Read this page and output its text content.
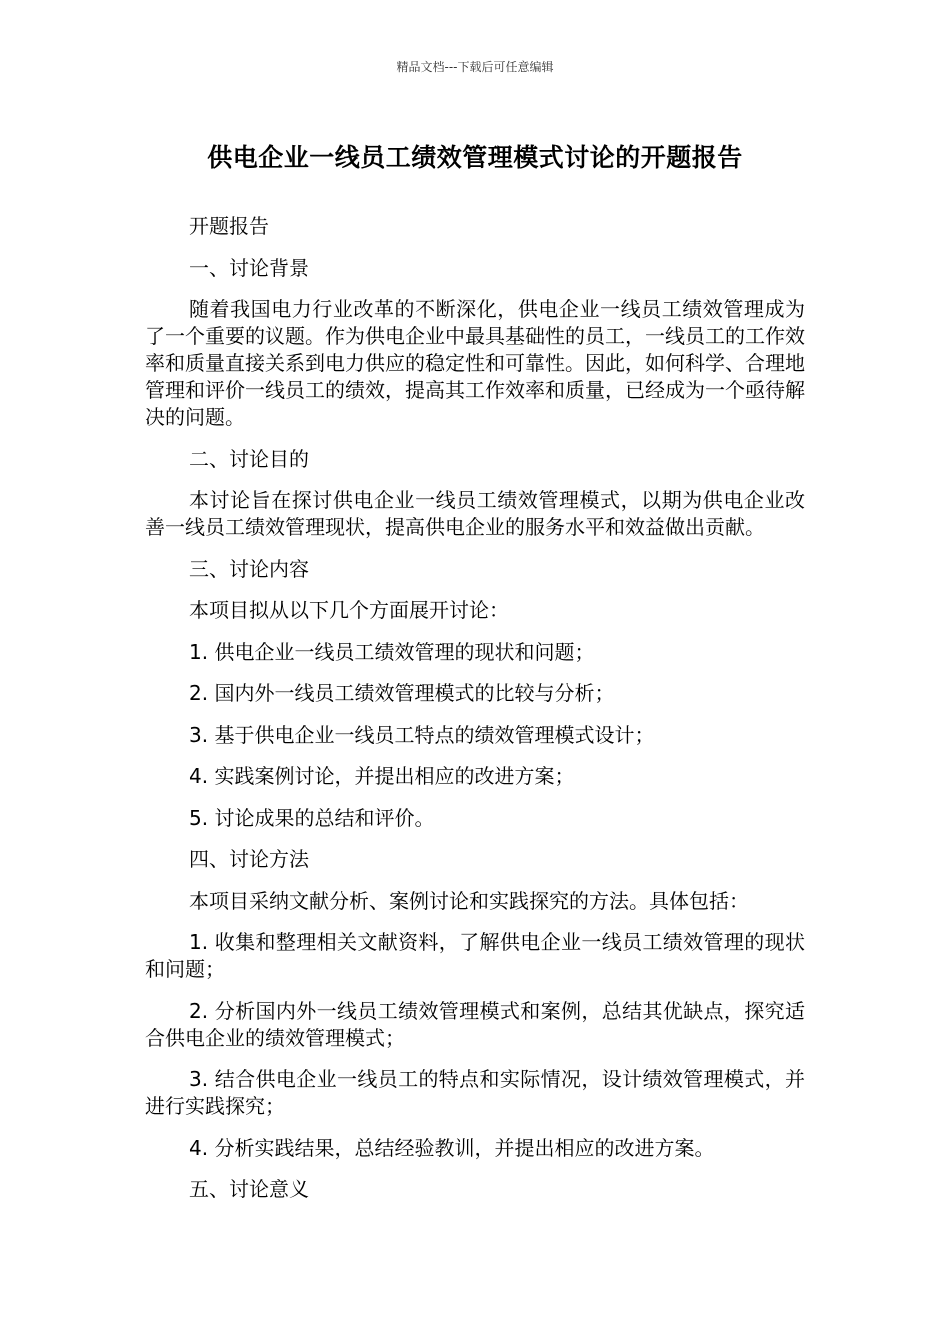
精品文档---下载后可任意编辑
供电企业一线员工绩效管理模式讨论的开题报告

开题报告

一、讨论背景

随着我国电力行业改革的不断深化，供电企业一线员工绩效管理成为了一个重要的议题。作为供电企业中最具基础性的员工，一线员工的工作效率和质量直接关系到电力供应的稳定性和可靠性。因此，如何科学、合理地管理和评价一线员工的绩效，提高其工作效率和质量，已经成为一个亟待解决的问题。

二、讨论目的

本讨论旨在探讨供电企业一线员工绩效管理模式，以期为供电企业改善一线员工绩效管理现状，提高供电企业的服务水平和效益做出贡献。

三、讨论内容

本项目拟从以下几个方面展开讨论：

1. 供电企业一线员工绩效管理的现状和问题；

2. 国内外一线员工绩效管理模式的比较与分析；

3. 基于供电企业一线员工特点的绩效管理模式设计；

4. 实践案例讨论，并提出相应的改进方案；

5. 讨论成果的总结和评价。

四、讨论方法

本项目采纳文献分析、案例讨论和实践探究的方法。具体包括：

1. 收集和整理相关文献资料，了解供电企业一线员工绩效管理的现状和问题；

2. 分析国内外一线员工绩效管理模式和案例，总结其优缺点，探究适合供电企业的绩效管理模式；

3. 结合供电企业一线员工的特点和实际情况，设计绩效管理模式，并进行实践探究；

4. 分析实践结果，总结经验教训，并提出相应的改进方案。

五、讨论意义
